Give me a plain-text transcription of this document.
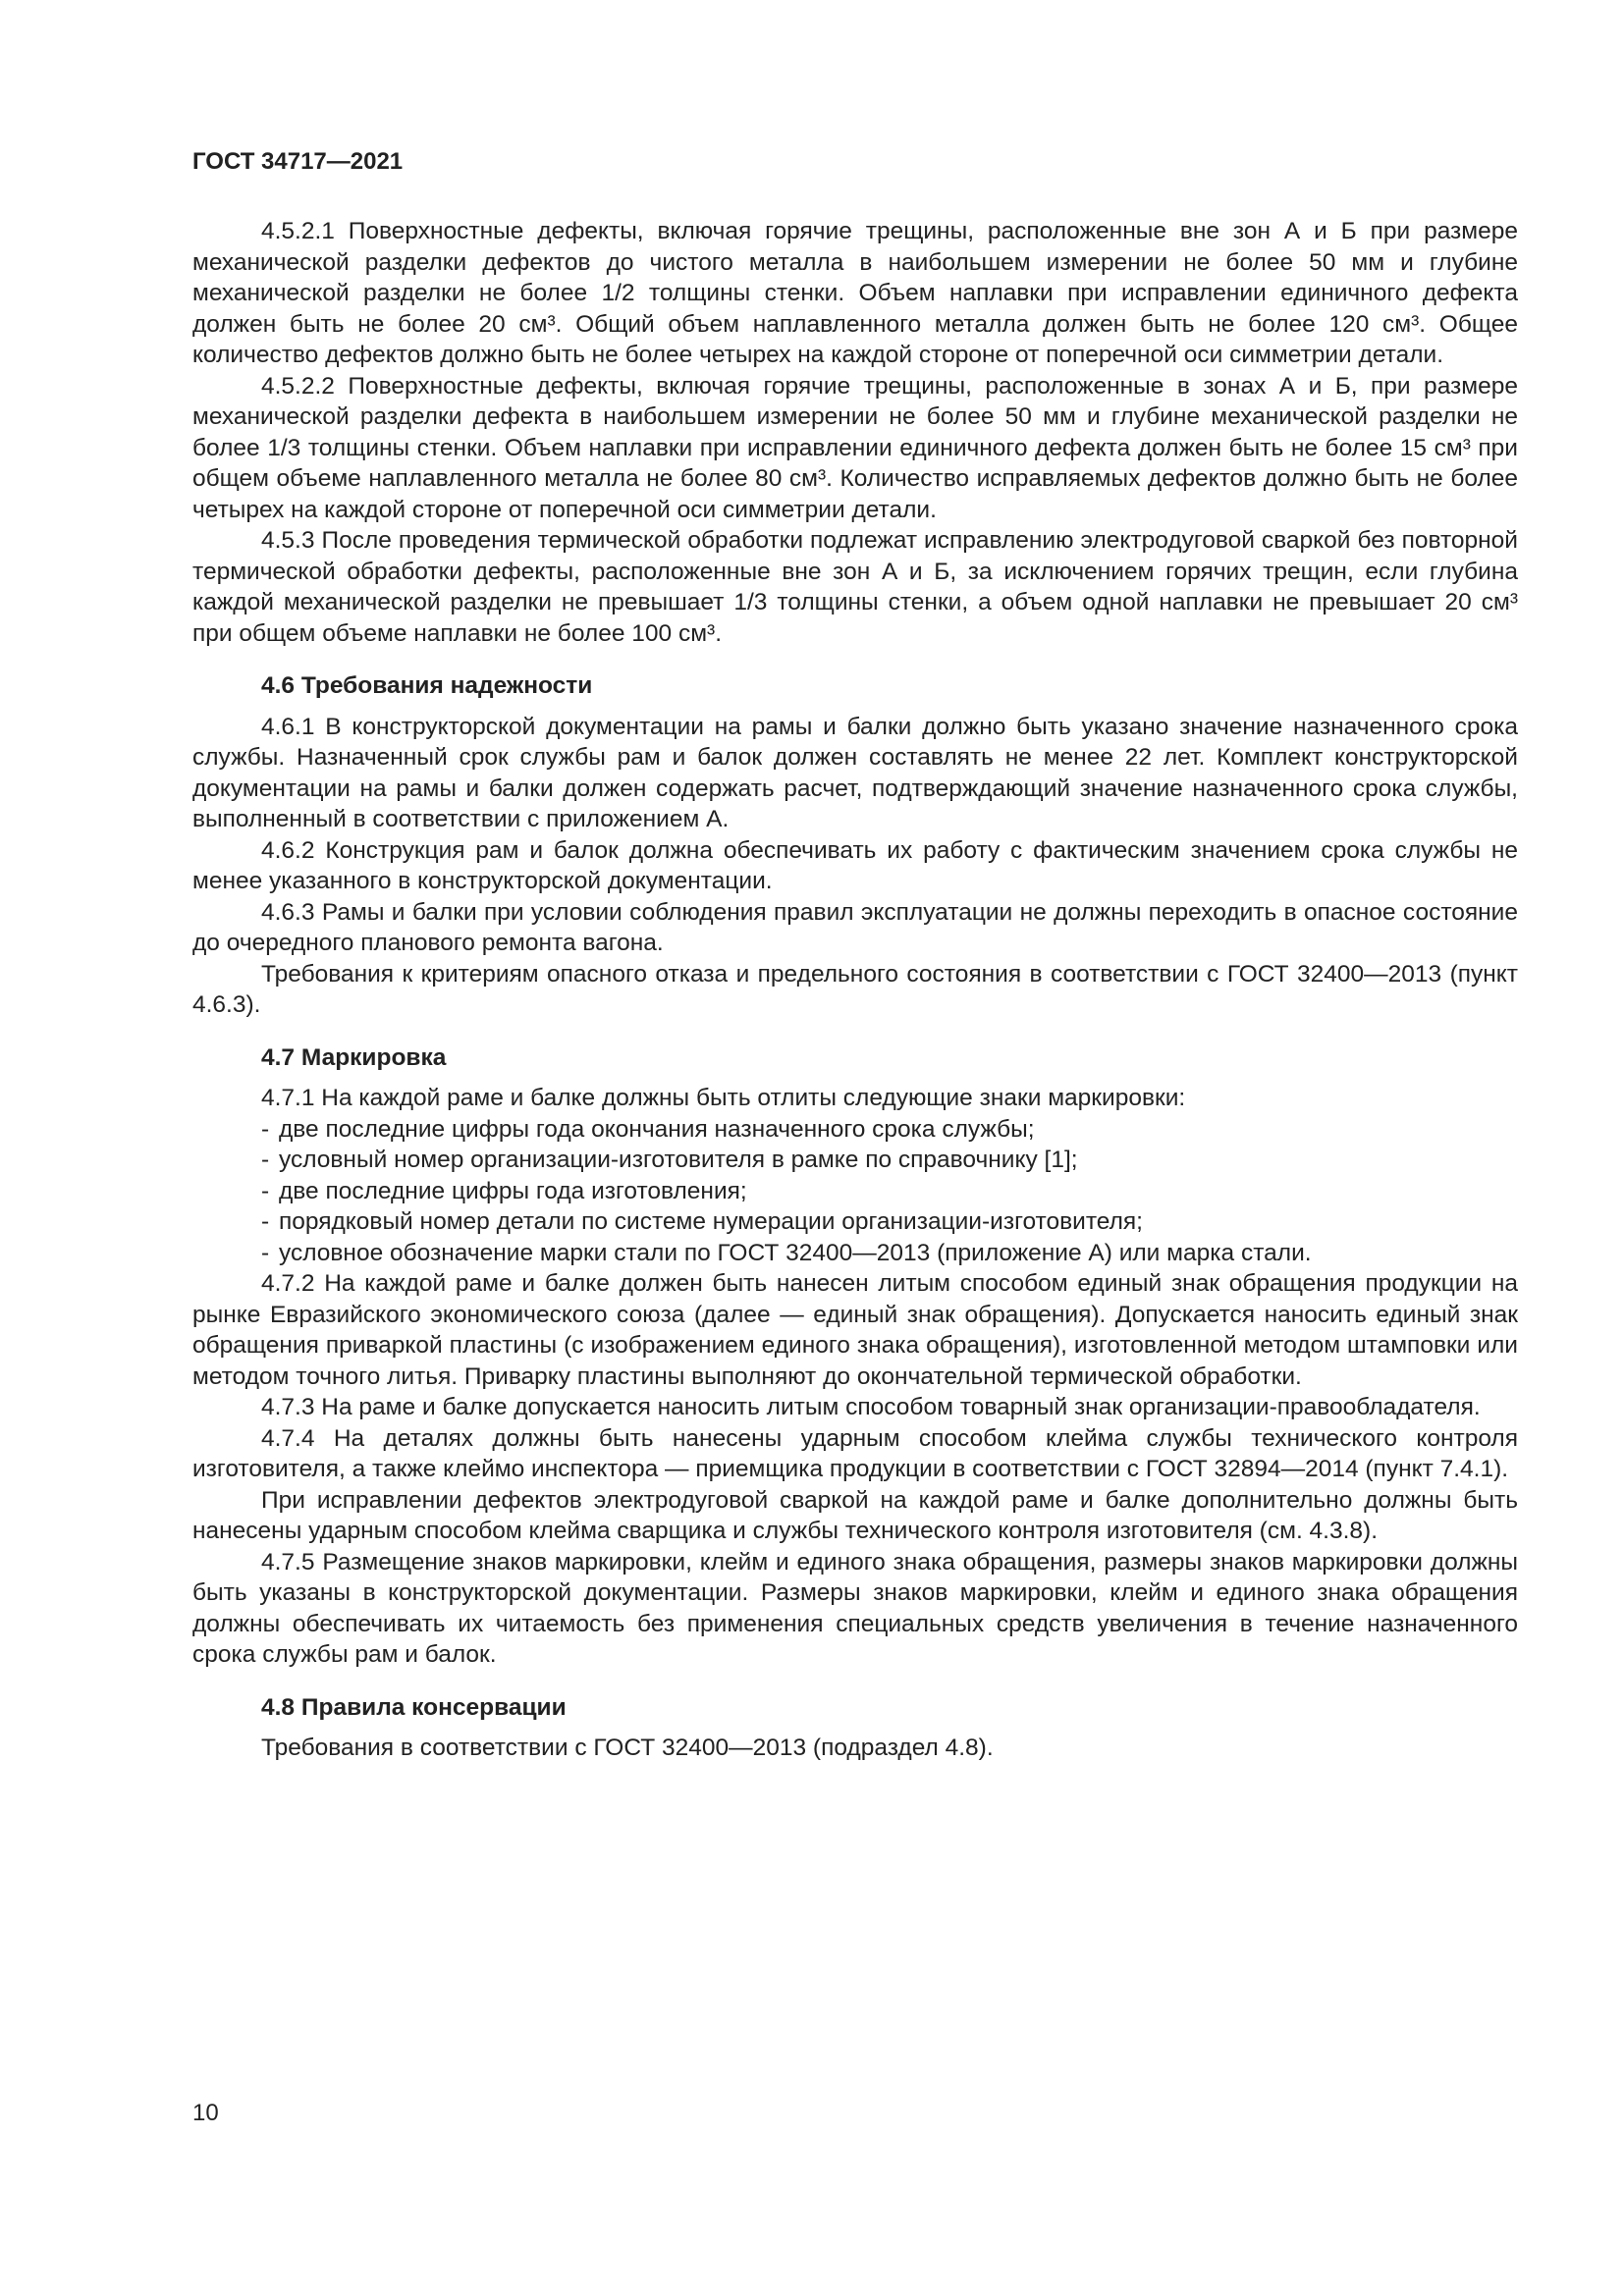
ГОСТ 34717—2021

4.5.2.1 Поверхностные дефекты, включая горячие трещины, расположенные вне зон А и Б при размере механической разделки дефектов до чистого металла в наибольшем измерении не более 50 мм и глубине механической разделки не более 1/2 толщины стенки. Объем наплавки при исправлении единичного дефекта должен быть не более 20 см³. Общий объем наплавленного металла должен быть не более 120 см³. Общее количество дефектов должно быть не более четырех на каждой стороне от поперечной оси симметрии детали.

4.5.2.2 Поверхностные дефекты, включая горячие трещины, расположенные в зонах А и Б, при размере механической разделки дефекта в наибольшем измерении не более 50 мм и глубине механической разделки не более 1/3 толщины стенки. Объем наплавки при исправлении единичного дефекта должен быть не более 15 см³ при общем объеме наплавленного металла не более 80 см³. Количество исправляемых дефектов должно быть не более четырех на каждой стороне от поперечной оси симметрии детали.

4.5.3 После проведения термической обработки подлежат исправлению электродуговой сваркой без повторной термической обработки дефекты, расположенные вне зон А и Б, за исключением горячих трещин, если глубина каждой механической разделки не превышает 1/3 толщины стенки, а объем одной наплавки не превышает 20 см³ при общем объеме наплавки не более 100 см³.

4.6 Требования надежности

4.6.1 В конструкторской документации на рамы и балки должно быть указано значение назначенного срока службы. Назначенный срок службы рам и балок должен составлять не менее 22 лет. Комплект конструкторской документации на рамы и балки должен содержать расчет, подтверждающий значение назначенного срока службы, выполненный в соответствии с приложением А.

4.6.2 Конструкция рам и балок должна обеспечивать их работу с фактическим значением срока службы не менее указанного в конструкторской документации.

4.6.3 Рамы и балки при условии соблюдения правил эксплуатации не должны переходить в опасное состояние до очередного планового ремонта вагона.

Требования к критериям опасного отказа и предельного состояния в соответствии с ГОСТ 32400—2013 (пункт 4.6.3).

4.7 Маркировка

4.7.1 На каждой раме и балке должны быть отлиты следующие знаки маркировки:

- две последние цифры года окончания назначенного срока службы;

- условный номер организации-изготовителя в рамке по справочнику [1];

- две последние цифры года изготовления;

- порядковый номер детали по системе нумерации организации-изготовителя;

- условное обозначение марки стали по ГОСТ 32400—2013 (приложение А) или марка стали.

4.7.2 На каждой раме и балке должен быть нанесен литым способом единый знак обращения продукции на рынке Евразийского экономического союза (далее — единый знак обращения). Допускается наносить единый знак обращения приваркой пластины (с изображением единого знака обращения), изготовленной методом штамповки или методом точного литья. Приварку пластины выполняют до окончательной термической обработки.

4.7.3 На раме и балке допускается наносить литым способом товарный знак организации-правообладателя.

4.7.4 На деталях должны быть нанесены ударным способом клейма службы технического контроля изготовителя, а также клеймо инспектора — приемщика продукции в соответствии с ГОСТ 32894—2014 (пункт 7.4.1).

При исправлении дефектов электродуговой сваркой на каждой раме и балке дополнительно должны быть нанесены ударным способом клейма сварщика и службы технического контроля изготовителя (см. 4.3.8).

4.7.5 Размещение знаков маркировки, клейм и единого знака обращения, размеры знаков маркировки должны быть указаны в конструкторской документации. Размеры знаков маркировки, клейм и единого знака обращения должны обеспечивать их читаемость без применения специальных средств увеличения в течение назначенного срока службы рам и балок.

4.8 Правила консервации

Требования в соответствии с ГОСТ 32400—2013 (подраздел 4.8).

10
